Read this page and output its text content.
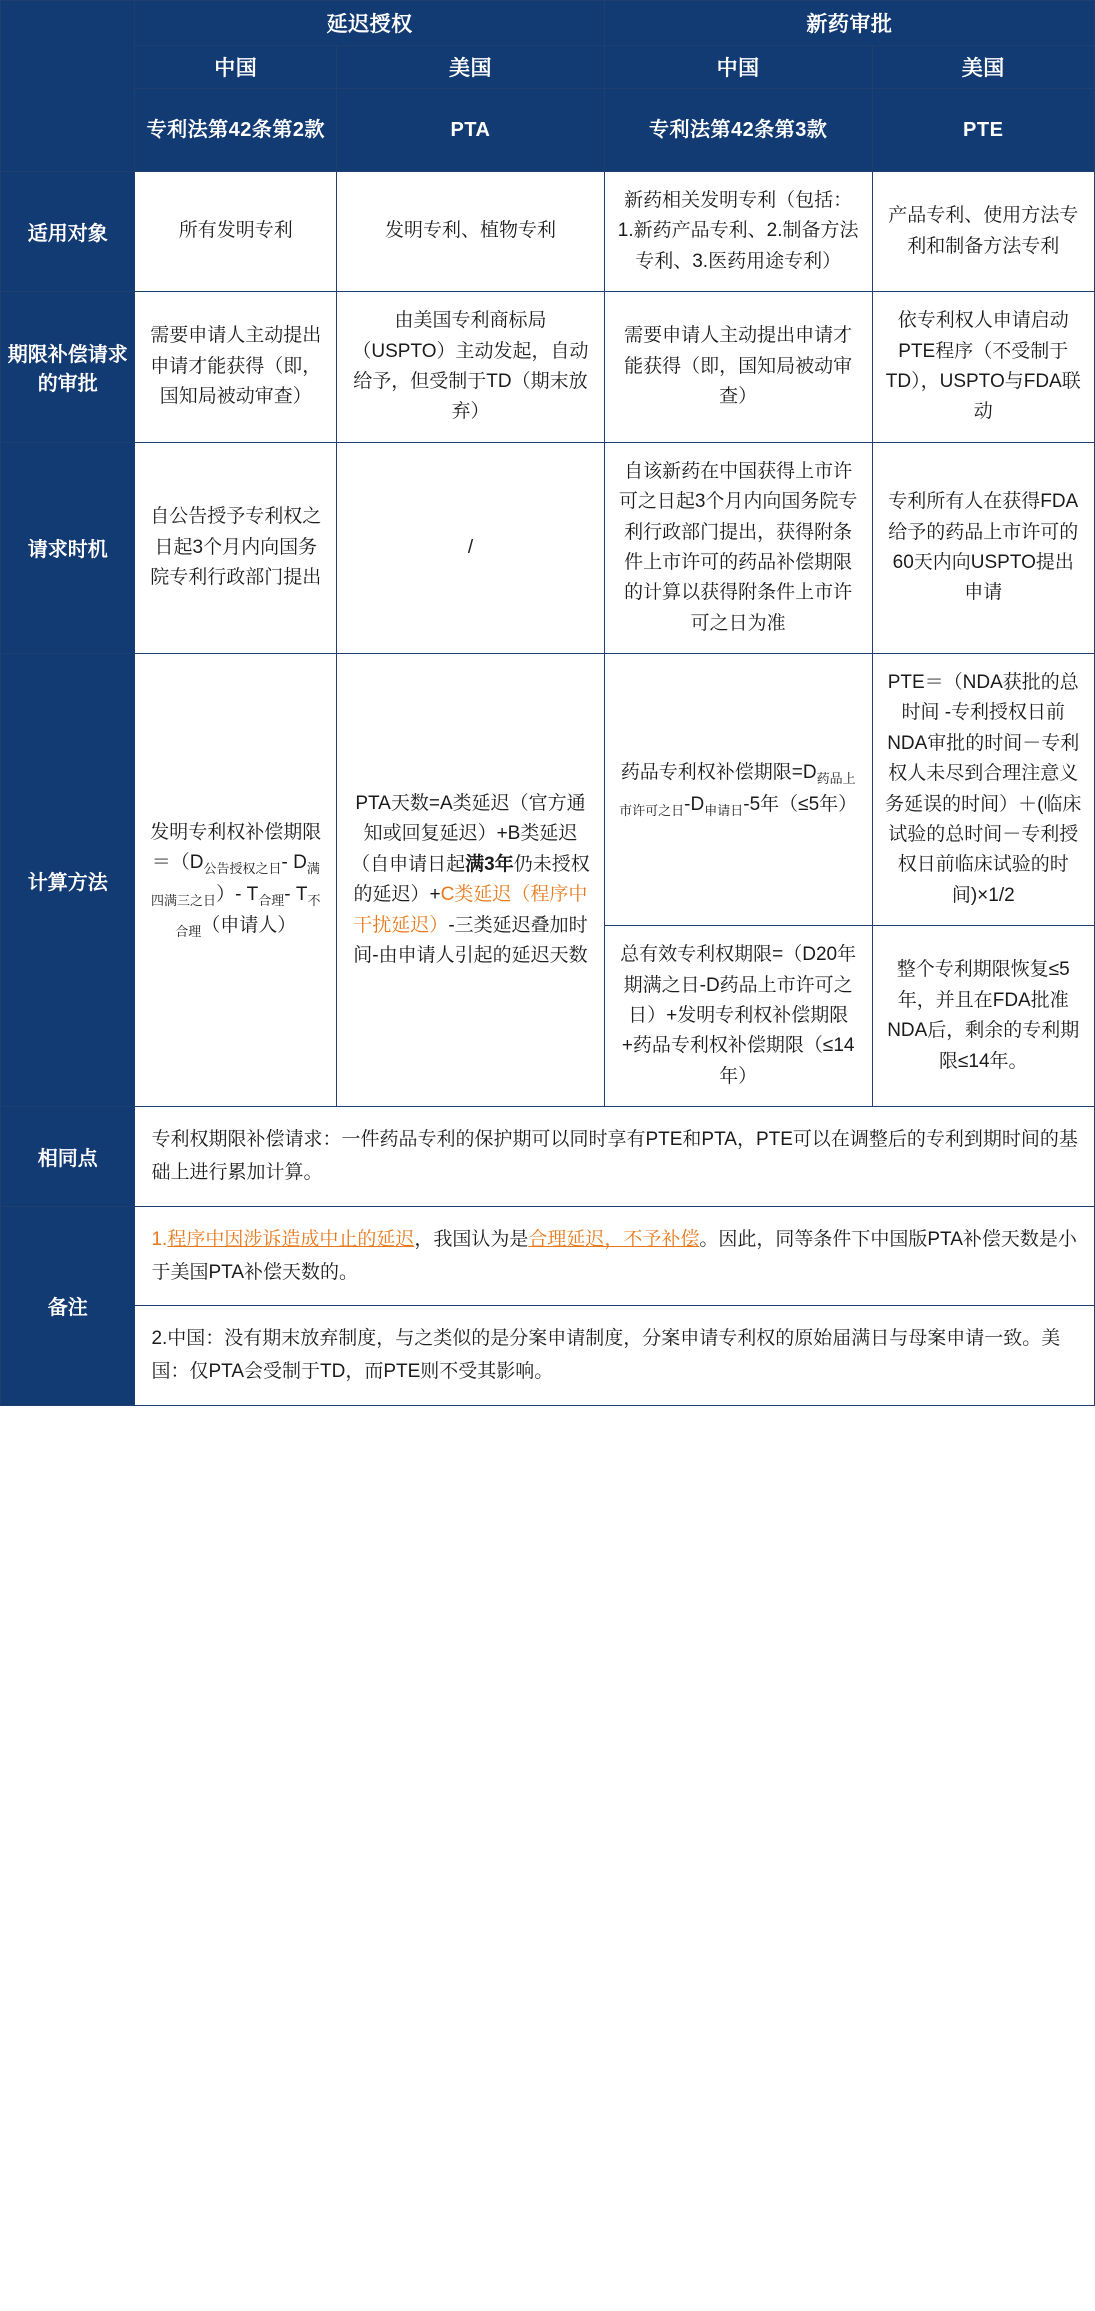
	延迟授权		新药审批	
	中国	美国	中国	美国
	专利法第42条第2款	PTA	专利法第42条第3款	PTE
适用对象	所有发明专利	发明专利、植物专利	新药相关发明专利（包括：1.新药产品专利、2.制备方法专利、3.医药用途专利）	产品专利、使用方法专利和制备方法专利
期限补偿请求的审批	需要申请人主动提出申请才能获得（即，国知局被动审查）	由美国专利商标局（USPTO）主动发起，自动给予，但受制于TD（期末放弃）	需要申请人主动提出申请才能获得（即，国知局被动审查）	依专利权人申请启动PTE程序（不受制于TD），USPTO与FDA联动
请求时机	自公告授予专利权之日起3个月内向国务院专利行政部门提出	/	自该新药在中国获得上市许可之日起3个月内向国务院专利行政部门提出，获得附条件上市许可的药品补偿期限的计算以获得附条件上市许可之日为准	专利所有人在获得FDA给予的药品上市许可的60天内向USPTO提出申请
计算方法	发明专利权补偿期限$=(D_{公告授权之日}-$ $D_{满四满三之日})-$ $T_{合理}-$ $T_{不合理}$（申请人）	PTA天数=A类延迟（官方通知或回复延迟）+B类延迟（自申请日起满3年仍未授权的延迟）+C类延迟（程序中干扰延迟）-三类延迟叠加时间-由申请人引起的延迟天数	药品专利权补偿期限$=D_{药品上市许可之日}-D_{申请日}-5$年（≤5年）	PTE＝（NDA获批的总时间 -专利授权日前NDA审批的时间－专利权人未尽到合理注意义务延误的时间）＋(临床试验的总时间－专利授权日前临床试验的时间)×1/2
			总有效专利权期限=（D20年期满之日-D药品上市许可之日）+发明专利权补偿期限+药品专利权补偿期限（≤14年）	整个专利期限恢复≤5年，并且在FDA批准NDA后，剩余的专利期限≤14年。
相同点	专利权期限补偿请求：一件药品专利的保护期可以同时享有PTE和PTA，PTE可以在调整后的专利到期时间的基础上进行累加计算。			
备注	1.程序中因涉诉造成中止的延迟，我国认为是合理延迟，不予补偿。因此，同等条件下中国版PTA补偿天数是小于美国PTA补偿天数的。			
	2.中国：没有期末放弃制度，与之类似的是分案申请制度，分案申请专利权的原始届满日与母案申请一致。美国：仅PTA会受制于TD，而PTE则不受其影响。			
